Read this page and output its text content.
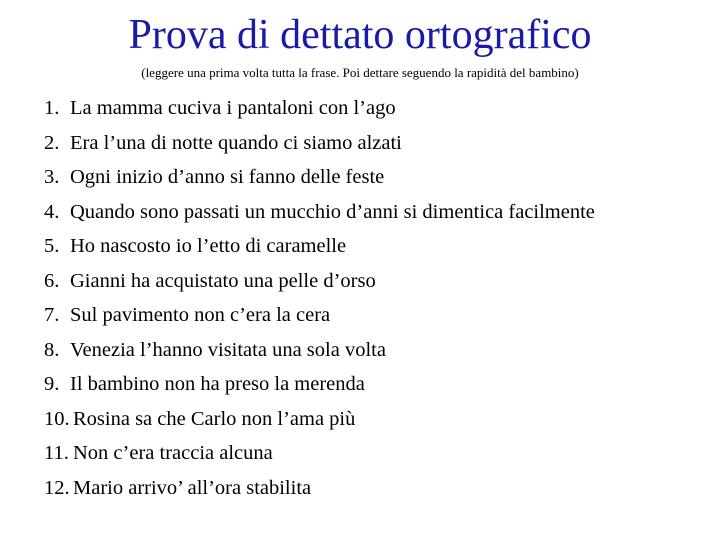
Prova di dettato ortografico

(leggere una prima volta tutta la frase. Poi dettare seguendo la rapidità del bambino)

1. La mamma cuciva i pantaloni con l’ago
2. Era l’una di notte quando ci siamo alzati
3. Ogni inizio d’anno si fanno delle feste
4. Quando sono passati un mucchio d’anni si dimentica facilmente
5. Ho nascosto io l’etto di caramelle
6. Gianni ha acquistato una pelle d’orso
7. Sul pavimento non c’era la cera
8. Venezia l’hanno visitata una sola volta
9. Il bambino non ha preso la merenda
10. Rosina sa che Carlo non l’ama più
11. Non c’era traccia alcuna
12. Mario arrivo’ all’ora stabilita
